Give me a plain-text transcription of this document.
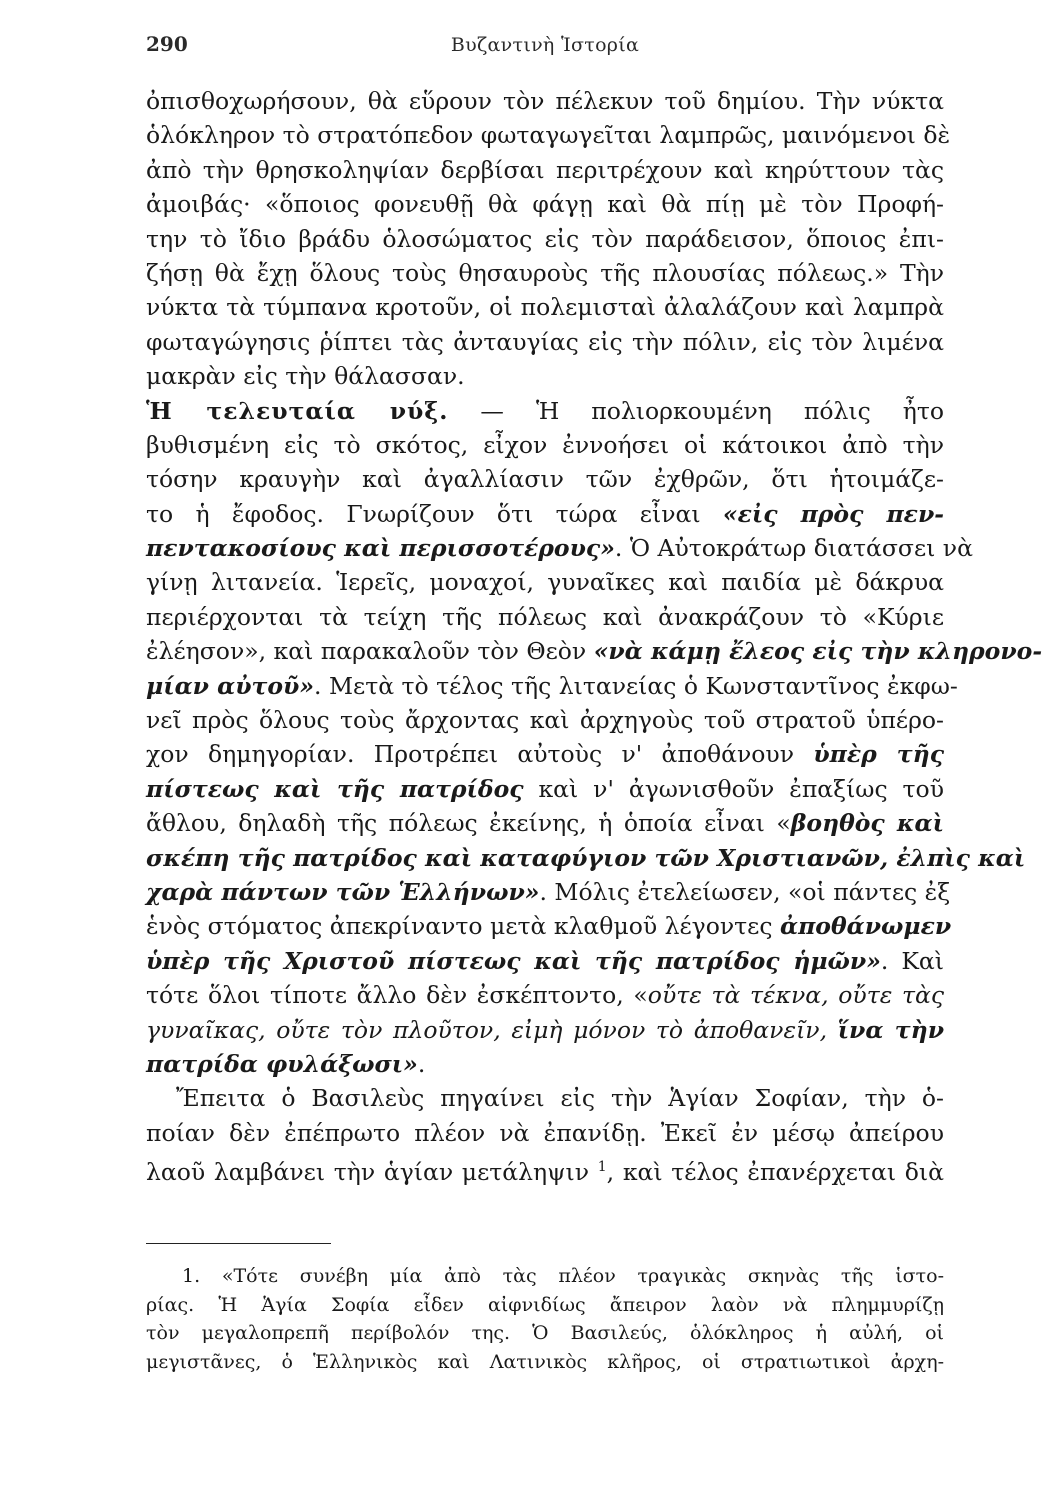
290	Βυζαντινὴ Ἱστορία
ὀπισθοχωρήσουν, θὰ εὕρουν τὸν πέλεκυν τοῦ δημίου. Τὴν νύκτα
ὁλόκληρον τὸ στρατόπεδον φωταγωγεῖται λαμπρῶς, μαινόμενοι δὲ
ἀπὸ τὴν θρησκοληψίαν δερβίσαι περιτρέχουν καὶ κηρύττουν τὰς
ἀμοιβάς· «ὅποιος φονευθῇ θὰ φάγῃ καὶ θὰ πίῃ μὲ τὸν Προφή-
την τὸ ἴδιο βράδυ ὁλοσώματος εἰς τὸν παράδεισον, ὅποιος ἐπι-
ζήσῃ θὰ ἔχῃ ὅλους τοὺς θησαυροὺς τῆς πλουσίας πόλεως.» Τὴν
νύκτα τὰ τύμπανα κροτοῦν, οἱ πολεμισταὶ ἀλαλάζουν καὶ λαμπρὰ
φωταγώγησις ῥίπτει τὰς ἀνταυγίας εἰς τὴν πόλιν, εἰς τὸν λιμένα
μακρὰν εἰς τὴν θάλασσαν.
Ἡ τελευταία νύξ. — Ἡ πολιορκουμένη πόλις ἦτο
βυθισμένη εἰς τὸ σκότος, εἶχον ἐννοήσει οἱ κάτοικοι ἀπὸ τὴν
τόσην κραυγὴν καὶ ἀγαλλίασιν τῶν ἐχθρῶν, ὅτι ἡτοιμάζε-
το ἡ ἔφοδος. Γνωρίζουν ὅτι τώρα εἶναι «εἰς πρὸς πεν-
πεντακοσίους καὶ περισσοτέρους». Ὁ Αὐτοκράτωρ διατάσσει νὰ
γίνῃ λιτανεία. Ἱερεῖς, μοναχοί, γυναῖκες καὶ παιδία μὲ δάκρυα
περιέρχονται τὰ τείχη τῆς πόλεως καὶ ἀνακράζουν τὸ «Κύριε
ἐλέησον», καὶ παρακαλοῦν τὸν Θεὸν «νὰ κάμῃ ἔλεος εἰς τὴν κληρονο-
μίαν αὐτοῦ». Μετὰ τὸ τέλος τῆς λιτανείας ὁ Κωνσταντῖνος ἐκφω-
νεῖ πρὸς ὅλους τοὺς ἄρχοντας καὶ ἀρχηγοὺς τοῦ στρατοῦ ὑπέρο-
χον δημηγορίαν. Προτρέπει αὐτοὺς ν' ἀποθάνουν ὑπὲρ τῆς
πίστεως καὶ τῆς πατρίδος καὶ ν' ἀγωνισθοῦν ἐπαξίως τοῦ
ἄθλου, δηλαδὴ τῆς πόλεως ἐκείνης, ἡ ὁποία εἶναι «βοηθὸς καὶ
σκέπη τῆς πατρίδος καὶ καταφύγιον τῶν Χριστιανῶν, ἐλπὶς καὶ
χαρὰ πάντων τῶν Ἑλλήνων». Μόλις ἐτελείωσεν, «οἱ πάντες ἐξ
ἑνὸς στόματος ἀπεκρίναντο μετὰ κλαθμοῦ λέγοντες ἀποθάνωμεν
ὑπὲρ τῆς Χριστοῦ πίστεως καὶ τῆς πατρίδος ἡμῶν». Καὶ
τότε ὅλοι τίποτε ἄλλο δὲν ἐσκέπτοντο, «οὔτε τὰ τέκνα, οὔτε τὰς
γυναῖκας, οὔτε τὸν πλοῦτον, εἰμὴ μόνον τὸ ἀποθανεῖν, ἵνα τὴν
πατρίδα φυλάξωσι».
Ἔπειτα ὁ Βασιλεὺς πηγαίνει εἰς τὴν Ἁγίαν Σοφίαν, τὴν ὁ-
ποίαν δὲν ἐπέπρωτο πλέον νὰ ἐπανίδῃ. Ἐκεῖ ἐν μέσῳ ἀπείρου
λαοῦ λαμβάνει τὴν ἁγίαν μετάληψιν $^1$, καὶ τέλος ἐπανέρχεται διὰ
1. «Τότε συνέβη μία ἀπὸ τὰς πλέον τραγικὰς σκηνὰς τῆς ἱστο-
ρίας. Ἡ Ἁγία Σοφία εἶδεν αἰφνιδίως ἄπειρον λαὸν νὰ πλημμυρίζῃ
τὸν μεγαλοπρεπῆ περίβολόν της. Ὁ Βασιλεύς, ὁλόκληρος ἡ αὐλή, οἱ
μεγιστᾶνες, ὁ Ἑλληνικὸς καὶ Λατινικὸς κλῆρος, οἱ στρατιωτικοὶ ἀρχη-
